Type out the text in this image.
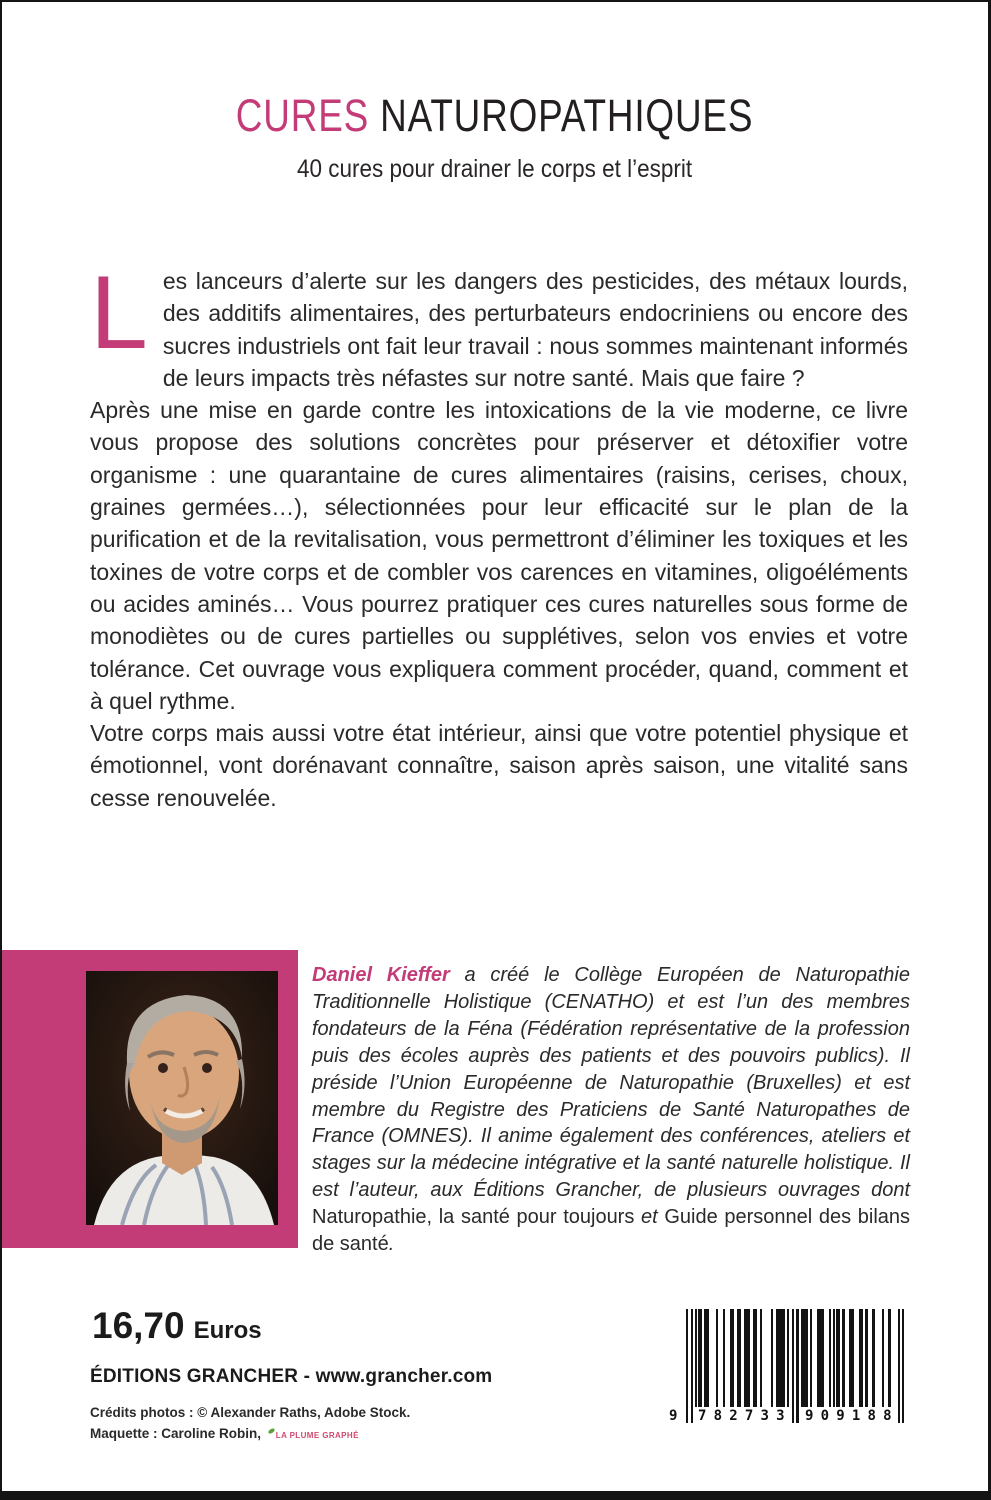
CURES NATUROPATHIQUES
40 cures pour drainer le corps et l’esprit

Les lanceurs d’alerte sur les dangers des pesticides, des métaux lourds, des additifs alimentaires, des perturbateurs endocriniens ou encore des sucres industriels ont fait leur travail : nous sommes maintenant informés de leurs impacts très néfastes sur notre santé. Mais que faire ?

Après une mise en garde contre les intoxications de la vie moderne, ce livre vous propose des solutions concrètes pour préserver et détoxifier votre organisme : une quarantaine de cures alimentaires (raisins, cerises, choux, graines germées…), sélectionnées pour leur efficacité sur le plan de la purification et de la revitalisation, vous permettront d’éliminer les toxiques et les toxines de votre corps et de combler vos carences en vitamines, oligoéléments ou acides aminés… Vous pourrez pratiquer ces cures naturelles sous forme de monodiètes ou de cures partielles ou supplétives, selon vos envies et votre tolérance. Cet ouvrage vous expliquera comment procéder, quand, comment et à quel rythme.

Votre corps mais aussi votre état intérieur, ainsi que votre potentiel physique et émotionnel, vont dorénavant connaître, saison après saison, une vitalité sans cesse renouvelée.

Daniel Kieffer a créé le Collège Européen de Naturopathie Traditionnelle Holistique (CENATHO) et est l’un des membres fondateurs de la Féna (Fédération représentative de la profession puis des écoles auprès des patients et des pouvoirs publics). Il préside l’Union Européenne de Naturopathie (Bruxelles) et est membre du Registre des Praticiens de Santé Naturopathes de France (OMNES). Il anime également des conférences, ateliers et stages sur la médecine intégrative et la santé naturelle holistique. Il est l’auteur, aux Éditions Grancher, de plusieurs ouvrages dont Naturopathie, la santé pour toujours et Guide personnel des bilans de santé.

16,70 Euros
ÉDITIONS GRANCHER - www.grancher.com
Crédits photos : © Alexander Raths, Adobe Stock.
Maquette : Caroline Robin, LA PLUME GRAPHÉ
9 782733 909188
